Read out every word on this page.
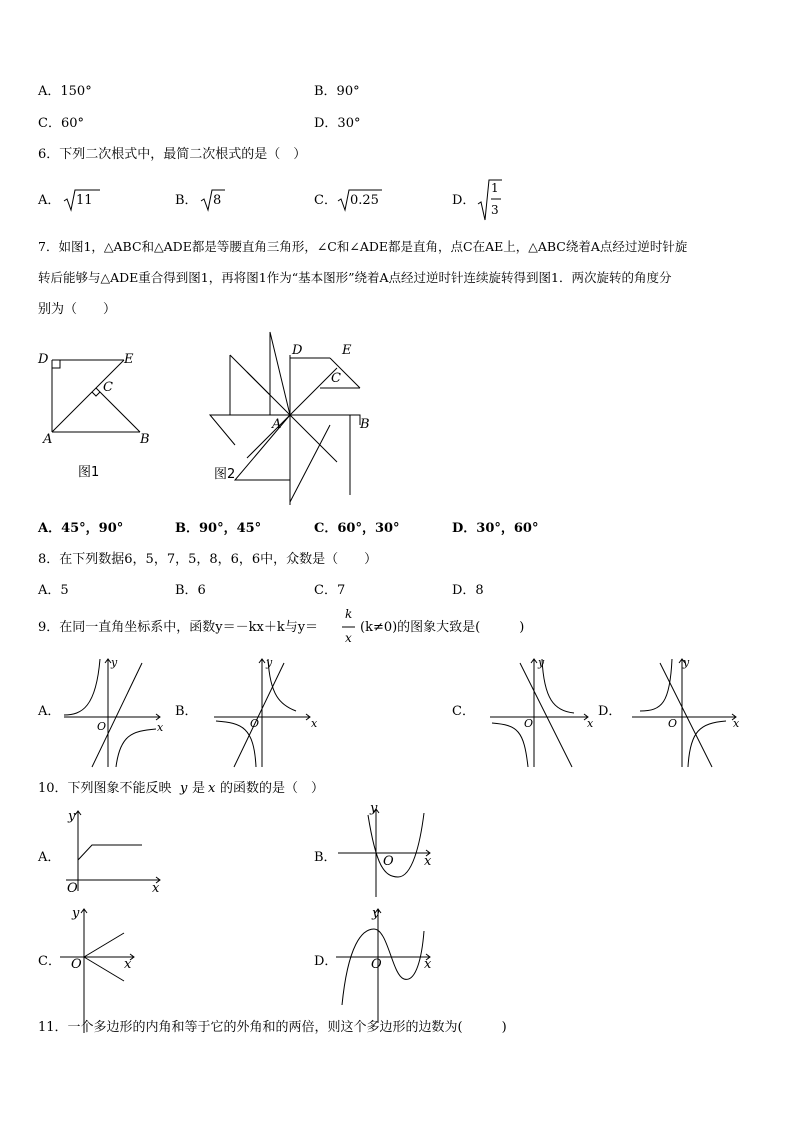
A．150°	B．90°
C．60°	D．30°
6．下列二次根式中，最简二次根式的是（　）
A． 11	B． 8	C． 0.25	D．
1
3
7．如图1，△ABC和△ADE都是等腰直角三角形，∠C和∠ADE都是直角，点C在AE上，△ABC绕着A点经过逆时针旋
转后能够与△ADE重合得到图1，再将图1作为“基本图形”绕着A点经过逆时针连续旋转得到图1．两次旋转的角度分
别为（　　）
D	E
C
A	B
图1
D	E
C
A	B
图2
A．45°，90°	B．90°，45°	C．60°，30°	D．30°，60°
8．在下列数据6，5，7，5，8，6，6中，众数是（　　）
A．5	B．6	C．7	D．8
9．在同一直角坐标系中，函数y＝－kx＋k与y＝
k
x
(k≠0)的图象大致是(　　　)
A．
x
y
O
B．
x
y
O
C．
x
y
O
D．
x
y
O
10．下列图象不能反映 y 是 x 的函数的是（　）
A．
x
y
O
B．	x
y
O
C．	x
y
O	D．	x
y
O
11．一个多边形的内角和等于它的外角和的两倍，则这个多边形的边数为(　　　)
